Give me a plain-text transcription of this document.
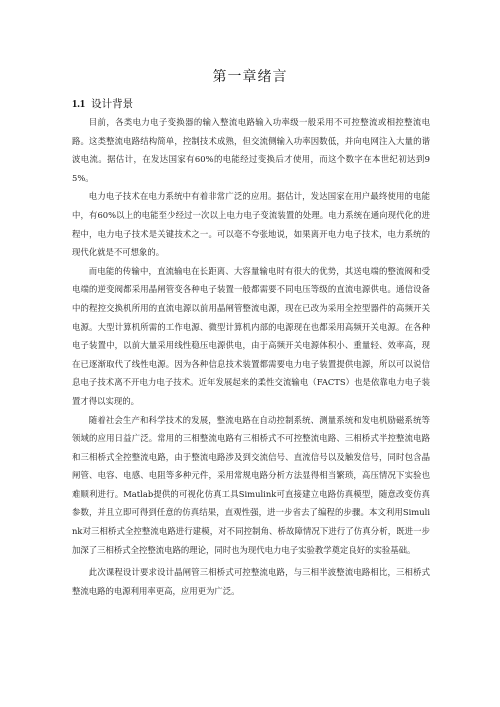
第一章绪言
1.1 设计背景

目前，各类电力电子变换器的输入整流电路输入功率级一般采用不可控整流或相控整流电路。这类整流电路结构简单，控制技术成熟，但交流侧输入功率因数低，并向电网注入大量的谐波电流。据估计，在发达国家有60%的电能经过变换后才使用，而这个数字在本世纪初达到95%。

电力电子技术在电力系统中有着非常广泛的应用。据估计，发达国家在用户最终使用的电能中，有60%以上的电能至少经过一次以上电力电子变流装置的处理。电力系统在通向现代化的进程中，电力电子技术是关键技术之一。可以毫不夸张地说，如果离开电力电子技术，电力系统的现代化就是不可想象的。

而电能的传输中，直流输电在长距离、大容量输电时有很大的优势，其送电端的整流阀和受电端的逆变阀都采用晶闸管变各种电子装置一般都需要不同电压等级的直流电源供电。通信设备中的程控交换机所用的直流电源以前用晶闸管整流电源，现在已改为采用全控型器件的高频开关电源。大型计算机所需的工作电源、微型计算机内部的电源现在也都采用高频开关电源。在各种电子装置中，以前大量采用线性稳压电源供电，由于高频开关电源体积小、重量轻、效率高，现在已逐渐取代了线性电源。因为各种信息技术装置都需要电力电子装置提供电源，所以可以说信息电子技术离不开电力电子技术。近年发展起来的柔性交流输电（FACTS）也是依靠电力电子装置才得以实现的。

随着社会生产和科学技术的发展，整流电路在自动控制系统、测量系统和发电机励磁系统等领域的应用日益广泛。常用的三相整流电路有三相桥式不可控整流电路、三相桥式半控整流电路和三相桥式全控整流电路，由于整流电路涉及到交流信号、直流信号以及触发信号，同时包含晶闸管、电容、电感、电阻等多种元件，采用常规电路分析方法显得相当繁琐，高压情况下实验也难顺利进行。Matlab提供的可视化仿真工具Simulink可直接建立电路仿真模型，随意改变仿真参数，并且立即可得到任意的仿真结果，直观性强，进一步省去了编程的步骤。本文利用Simulink对三相桥式全控整流电路进行建模，对不同控制角、桥故障情况下进行了仿真分析，既进一步加深了三相桥式全控整流电路的理论，同时也为现代电力电子实验教学奠定良好的实验基础。

此次课程设计要求设计晶闸管三相桥式可控整流电路，与三相半波整流电路相比，三相桥式整流电路的电源利用率更高，应用更为广泛。
